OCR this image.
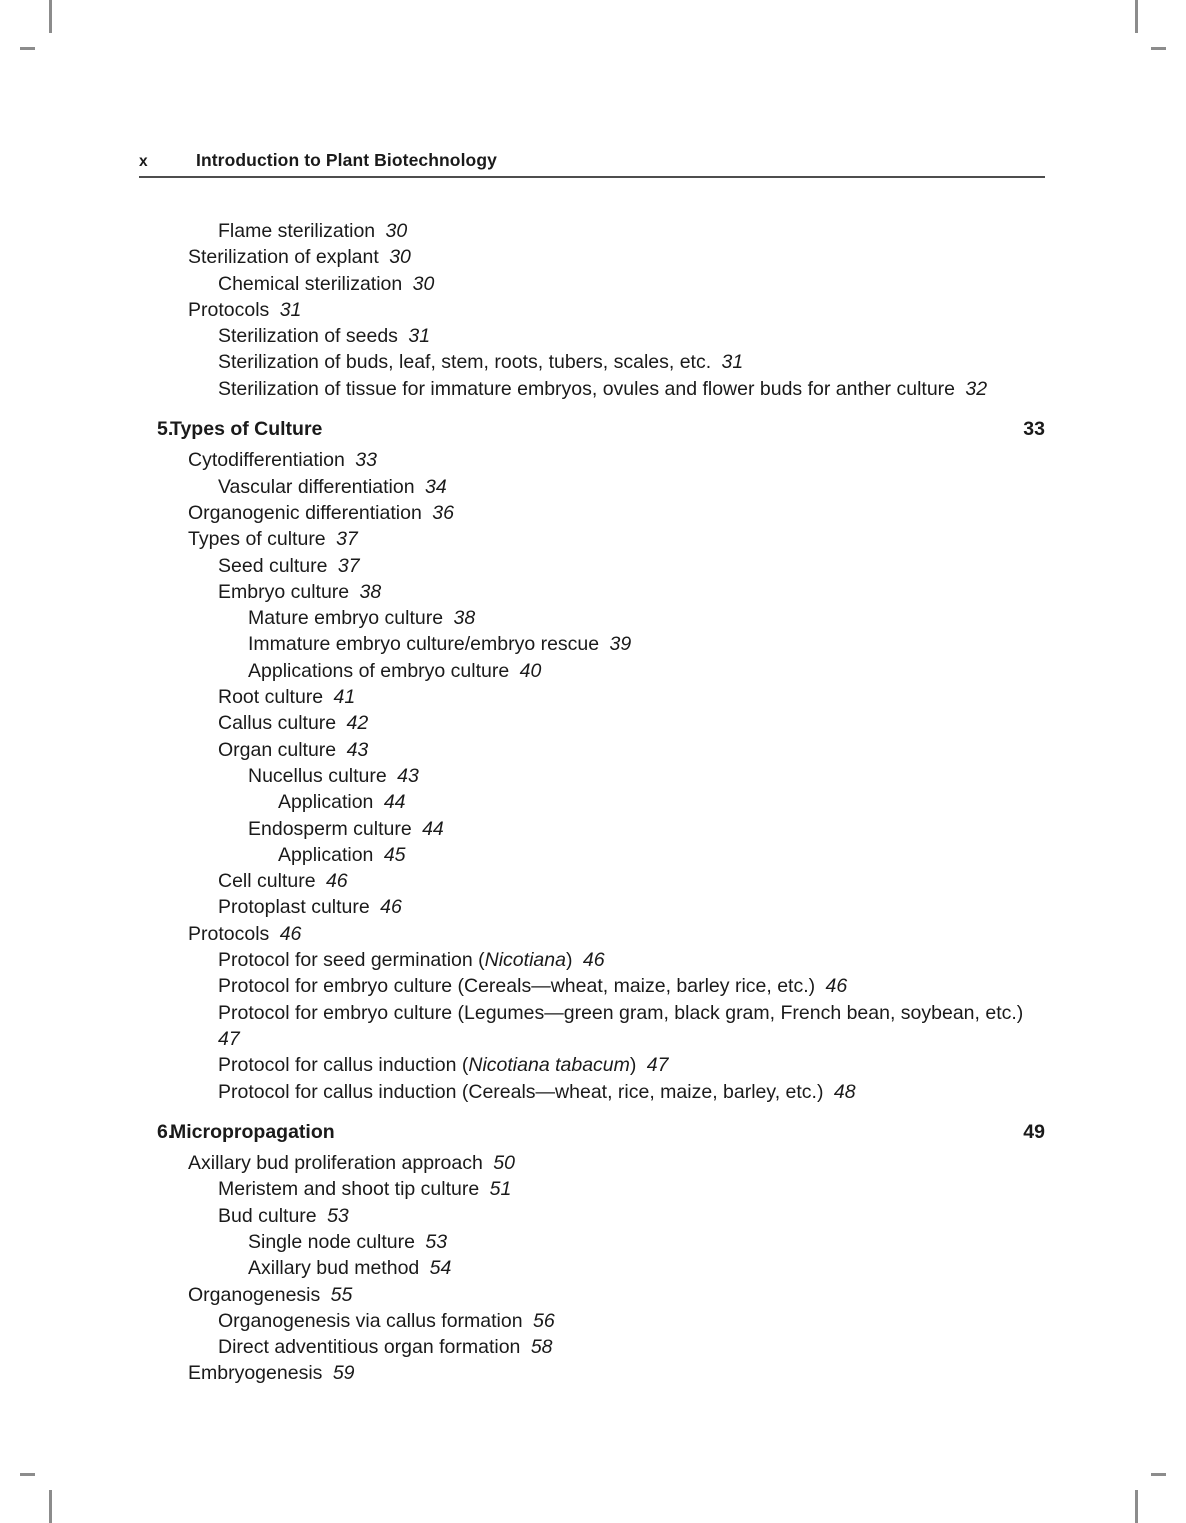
x	Introduction to Plant Biotechnology
Flame sterilization 30
Sterilization of explant 30
Chemical sterilization 30
Protocols 31
Sterilization of seeds 31
Sterilization of buds, leaf, stem, roots, tubers, scales, etc. 31
Sterilization of tissue for immature embryos, ovules and flower buds for anther culture 32
5.
Types of Culture	33
Cytodifferentiation 33
Vascular differentiation 34
Organogenic differentiation 36
Types of culture 37
Seed culture 37
Embryo culture 38
Mature embryo culture 38
Immature embryo culture/embryo rescue 39
Applications of embryo culture 40
Root culture 41
Callus culture 42
Organ culture 43
Nucellus culture 43
Application 44
Endosperm culture 44
Application 45
Cell culture 46
Protoplast culture 46
Protocols 46
Protocol for seed germination (Nicotiana) 46
Protocol for embryo culture (Cereals—wheat, maize, barley rice, etc.) 46
Protocol for embryo culture (Legumes—green gram, black gram, French bean, soybean, etc.) 47
Protocol for callus induction (Nicotiana tabacum) 47
Protocol for callus induction (Cereals—wheat, rice, maize, barley, etc.) 48
6.
Micropropagation	49
Axillary bud proliferation approach 50
Meristem and shoot tip culture 51
Bud culture 53
Single node culture 53
Axillary bud method 54
Organogenesis 55
Organogenesis via callus formation 56
Direct adventitious organ formation 58
Embryogenesis 59
